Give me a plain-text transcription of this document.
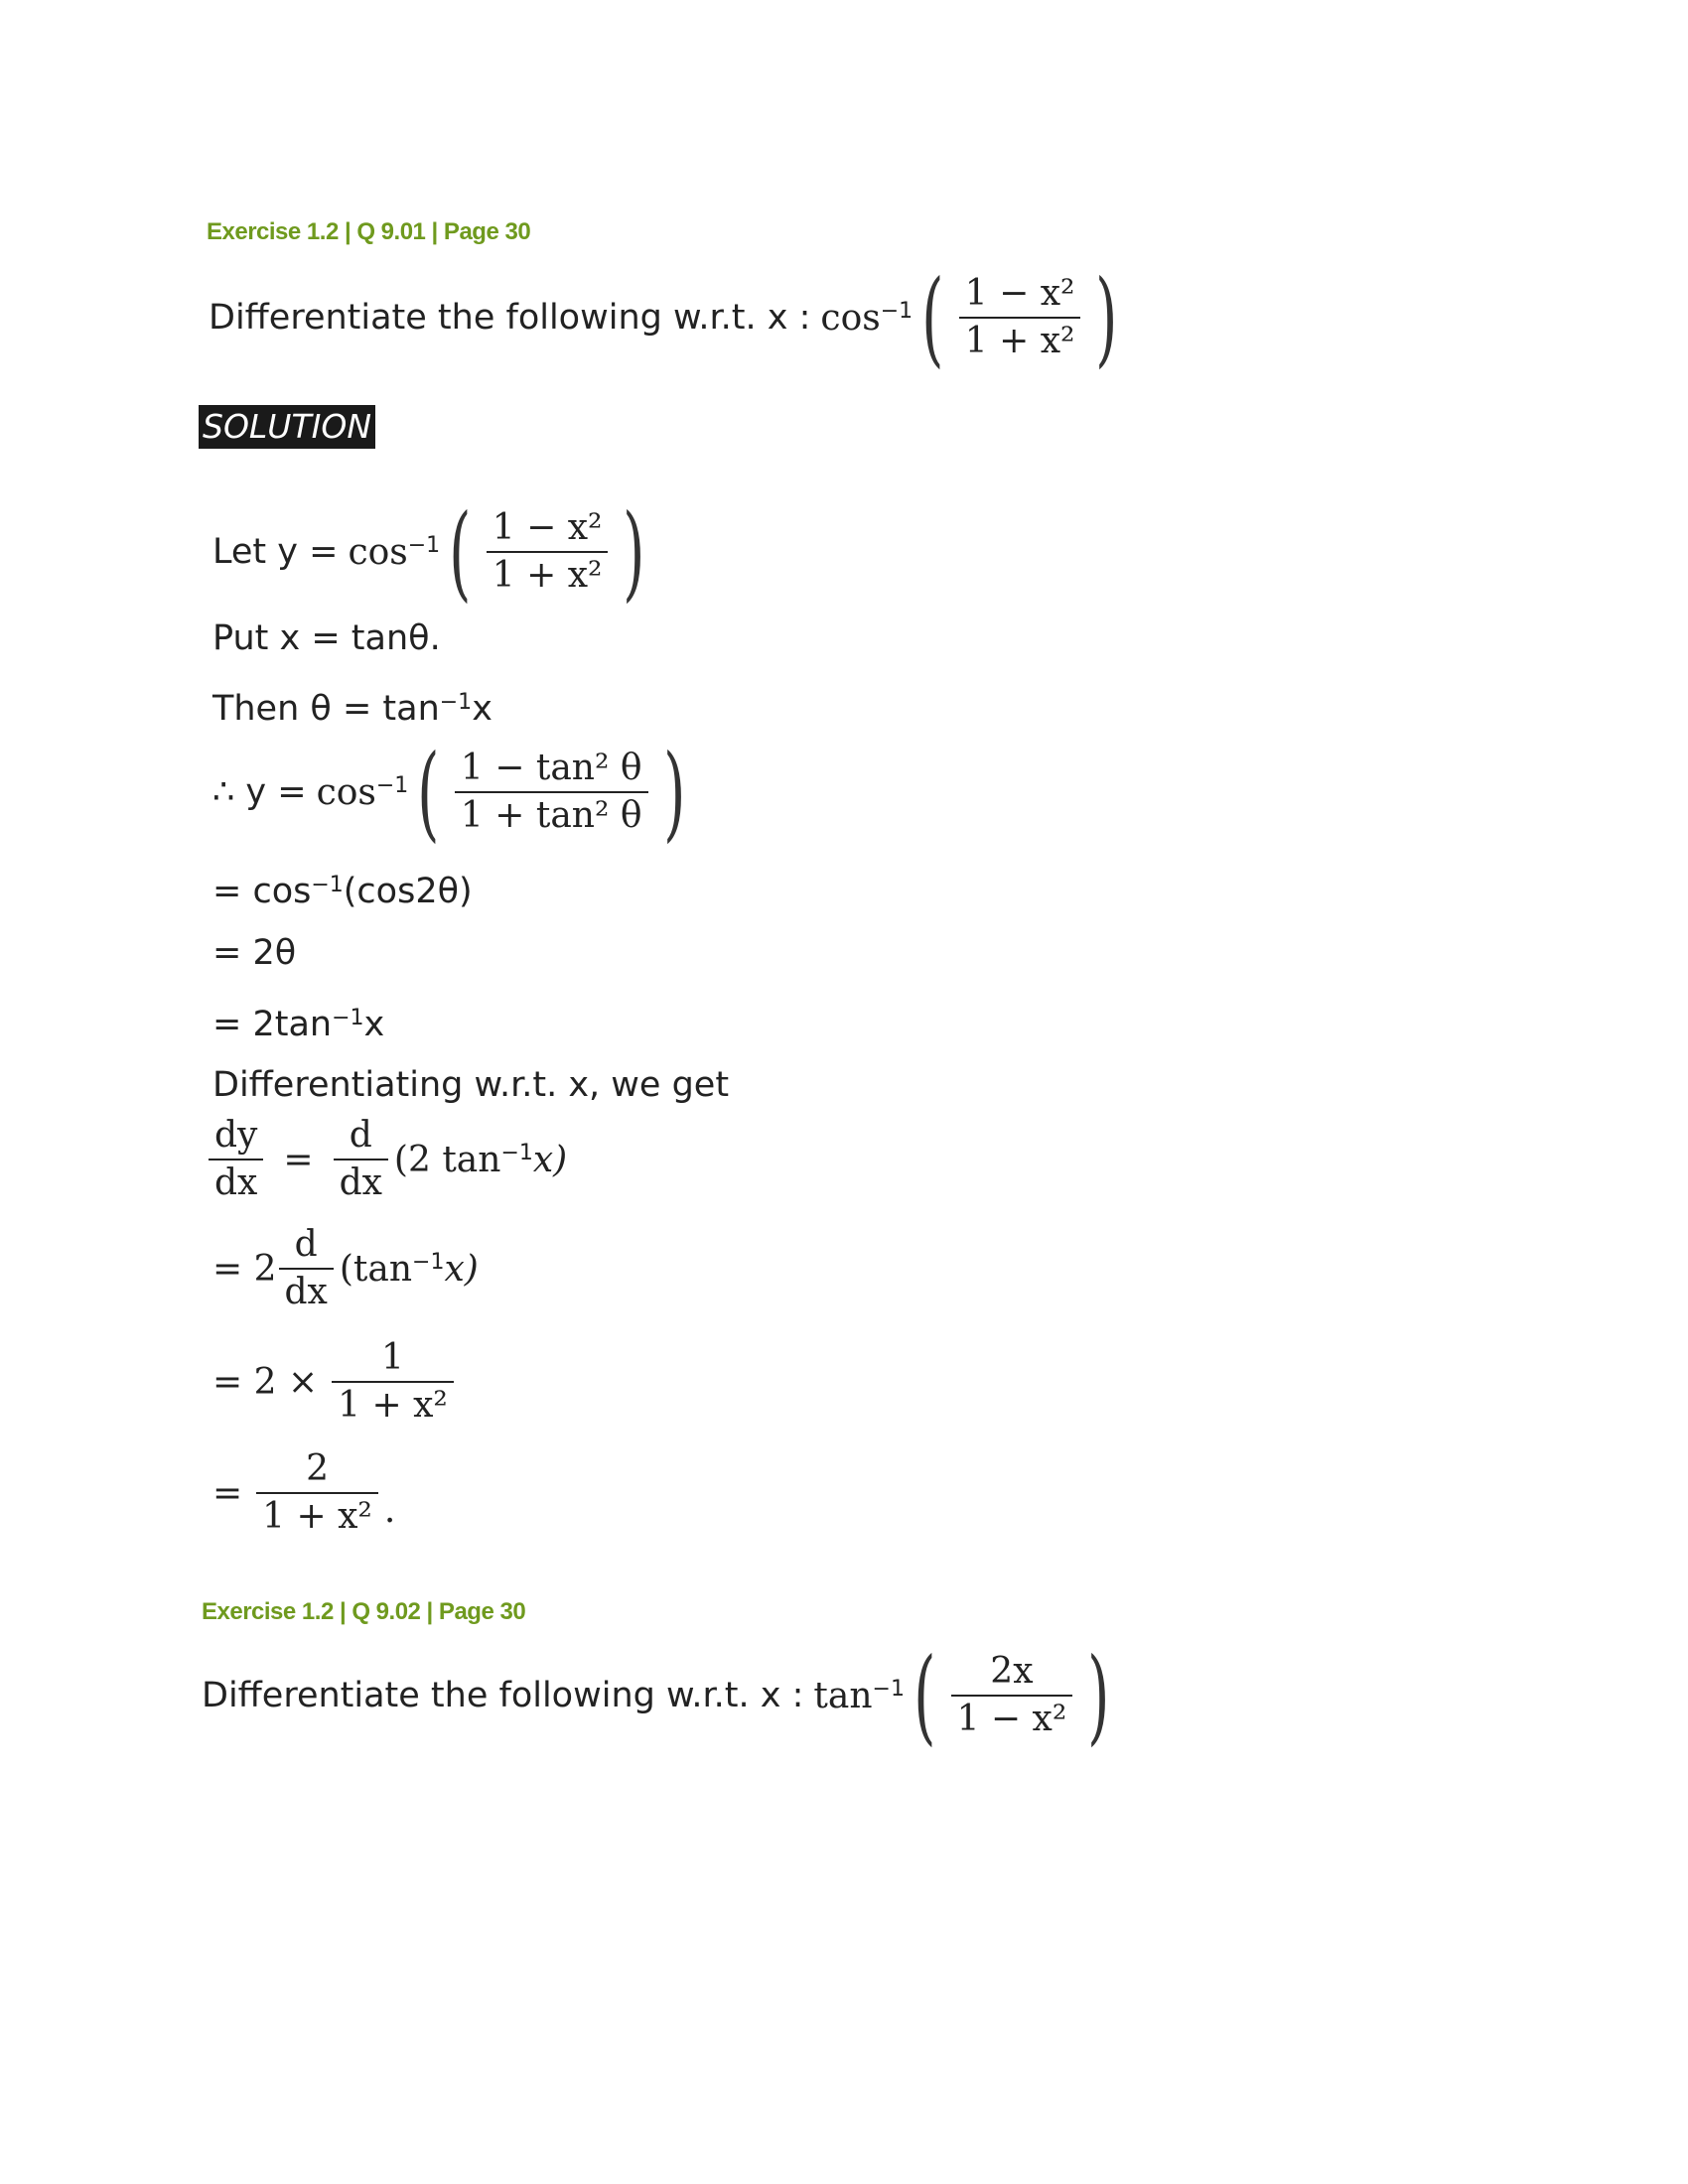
Exercise 1.2 | Q 9.01 | Page 30
Differentiate the following w.r.t. x : $\cos^{-1}$ ( $\frac{\text{1 − x²}}{\text{1 + x²}}$ )
SOLUTION
Let $y = \cos^{-1}$ ( $\frac{\text{1 − x²}}{\text{1 + x²}}$ )
Put x = tanθ.
Then $\theta = \tan^{-1} x$
∴ $y = \cos^{-1}$ ( $\frac{\text{1 − tan² θ}}{\text{1 + tan² θ}}$ )
= $\cos^{-1} (\cos 2\theta)$
= 2θ
= $2\tan^{-1}$ x
Differentiating w.r.t. x, we get
$\frac{dy}{dx} = \frac{d}{dx} (2$ $\tan^{-1} x$)
= $2 \frac{d}{dx} (\tan^{-1}$ x)
= $2 \times \frac{1}{\text{1 + x²}}$
= $\frac{2}{\text{1 + x²}}$ .
Exercise 1.2 | Q 9.02 | Page 30
Differentiate the following w.r.t. x : $\tan^{-1}$ ( $\frac{2x}{\text{1 − x²}}$ )
